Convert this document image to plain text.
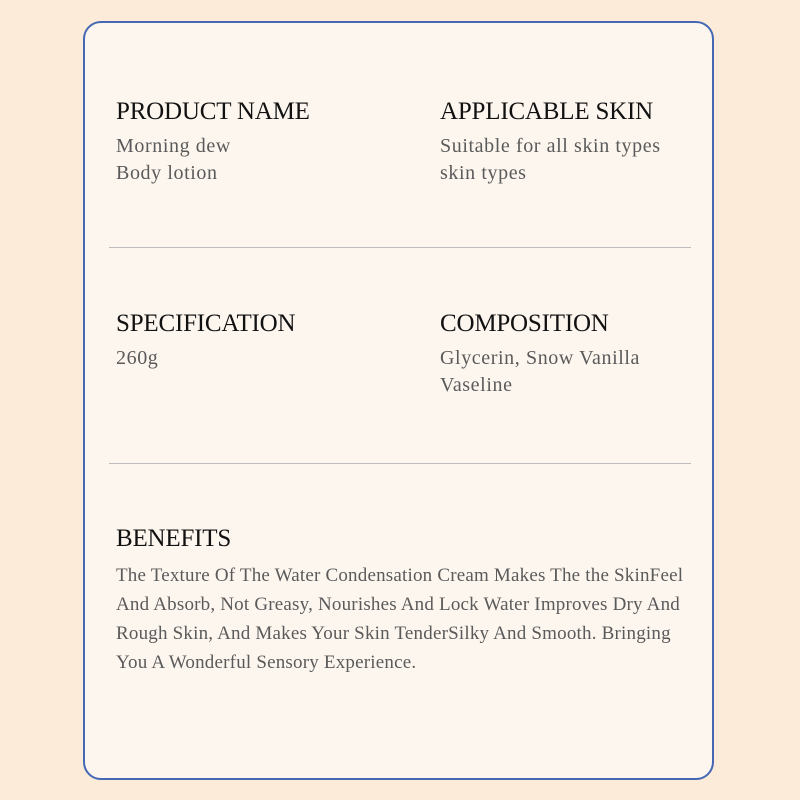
PRODUCT NAME
Morning dew
Body lotion
APPLICABLE SKIN
Suitable for all skin types
skin types
SPECIFICATION
260g
COMPOSITION
Glycerin, Snow Vanilla
Vaseline
BENEFITS
The Texture Of The Water Condensation Cream Makes The the SkinFeel And Absorb, Not Greasy, Nourishes And Lock Water Improves Dry And Rough Skin, And Makes Your Skin TenderSilky And Smooth. Bringing You A Wonderful Sensory Experience.
